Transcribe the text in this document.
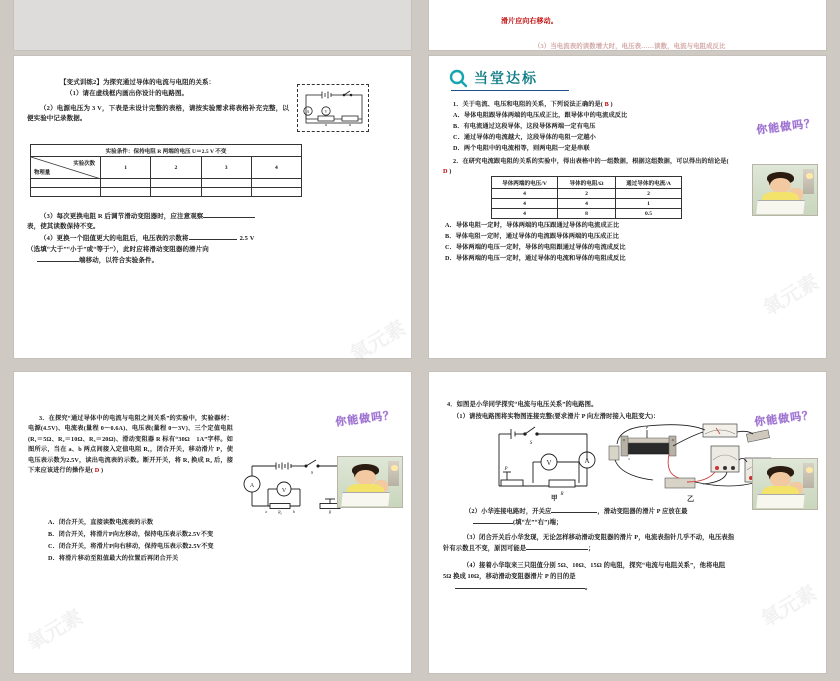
滑片应向右移动。
（3）当电流表的读数增大时，电压表……读数，电流与电阻成反比
氧元素
【变式训练2】为探究通过导体的电流与电阻的关系：
（1）请在虚线框内画出你设计的电路图。
（2）电源电压为 3 V，下表是未设计完整的表格，请按实验需求将表格补充完整，以便实验中记录数据。
A	V
R	R
实验条件：保持电阻 R 两端的电压 U＝2.5 V 不变				

实验次数
物理量	1	2	3	4

（3）每次更换电阻 R 后调节滑动变阻器时，应注意观察
表，使其读数保持不变。
（4）更换一个阻值更大的电阻后，电压表的示数将	2.5 V
（选填“大于”“小于”或“等于”），此时应将滑动变阻器的滑片向
端移动，以符合实验条件。
氧元素
当堂达标
1．关于电流、电压和电阻的关系，下列说法正确的是( B )
A．导体电阻跟导体两端的电压成正比，跟导体中的电流成反比
B．有电流通过这段导体，这段导体两端一定有电压
C．通过导体的电流越大，这段导体的电阻一定越小
D．两个电阻中的电流相等，则两电阻一定是串联
2．在研究电流跟电阻的关系的实验中，得出表格中的一组数据，根据这组数据，可以得出的结论是( D )
导体两端的电压/V	导体的电阻/Ω	通过导体的电流/A
4	2	2
4	4	1
4	8	0.5
A．导体电阻一定时，导体两端的电压跟通过导体的电流成正比
B．导体电阻一定时，通过导体的电流跟导体两端的电压成正比
C．导体两端的电压一定时，导体的电阻跟通过导体的电流成反比
D．导体两端的电压一定时，通过导体的电流和导体的电阻成反比
你能做吗？
氧元素
3．在探究“通过导体中的电流与电阻之间关系”的实验中，实验器材：电源(4.5V)、电流表(量程 0～0.6A)、电压表(量程 0～3V)、三个定值电阻(R₁＝5Ω、R₂＝10Ω、R₃＝20Ω)、滑动变阻器 R 标有“30Ω　1A”字样。如图所示，当在 a、b 两点间接入定值电阻 R₁，闭合开关，移动滑片 P，使电压表示数为2.5V，读出电流表的示数。断开开关，将 R₁ 换成 R₂ 后，接下来应该进行的操作是( D )	S
A
V
a	R₀	b	R
A．闭合开关，直接读数电流表的示数
B．闭合开关，将滑片P向左移动，保持电压表示数2.5V不变
C．闭合开关，将滑片P向右移动，保持电压表示数2.5V不变
D．将滑片移动至阻值最大的位置后再闭合开关
你能做吗？
氧元素
4．如图是小华同学探究“电流与电压关系”的电路图。
（1）请按电路图将实物图连接完整(要求滑片 P 向左滑时接入电阻变大)：
S
A
P
R
V
甲
P
a
乙
（2）小华连接电路时，开关应	，滑动变阻器的滑片 P 应放在最
(填“左”“右”)端；
（3）闭合开关后小华发现，无论怎样移动滑动变阻器的滑片 P，电流表指针几乎不动，电压表指针有示数且不变，原因可能是	；
（4）接着小华取来三只阻值分别 5Ω、10Ω、15Ω 的电阻，探究“电流与电阻关系”，他将电阻 5Ω 换成 10Ω，移动滑动变阻器滑片 P 的目的是
。
你能做吗？
